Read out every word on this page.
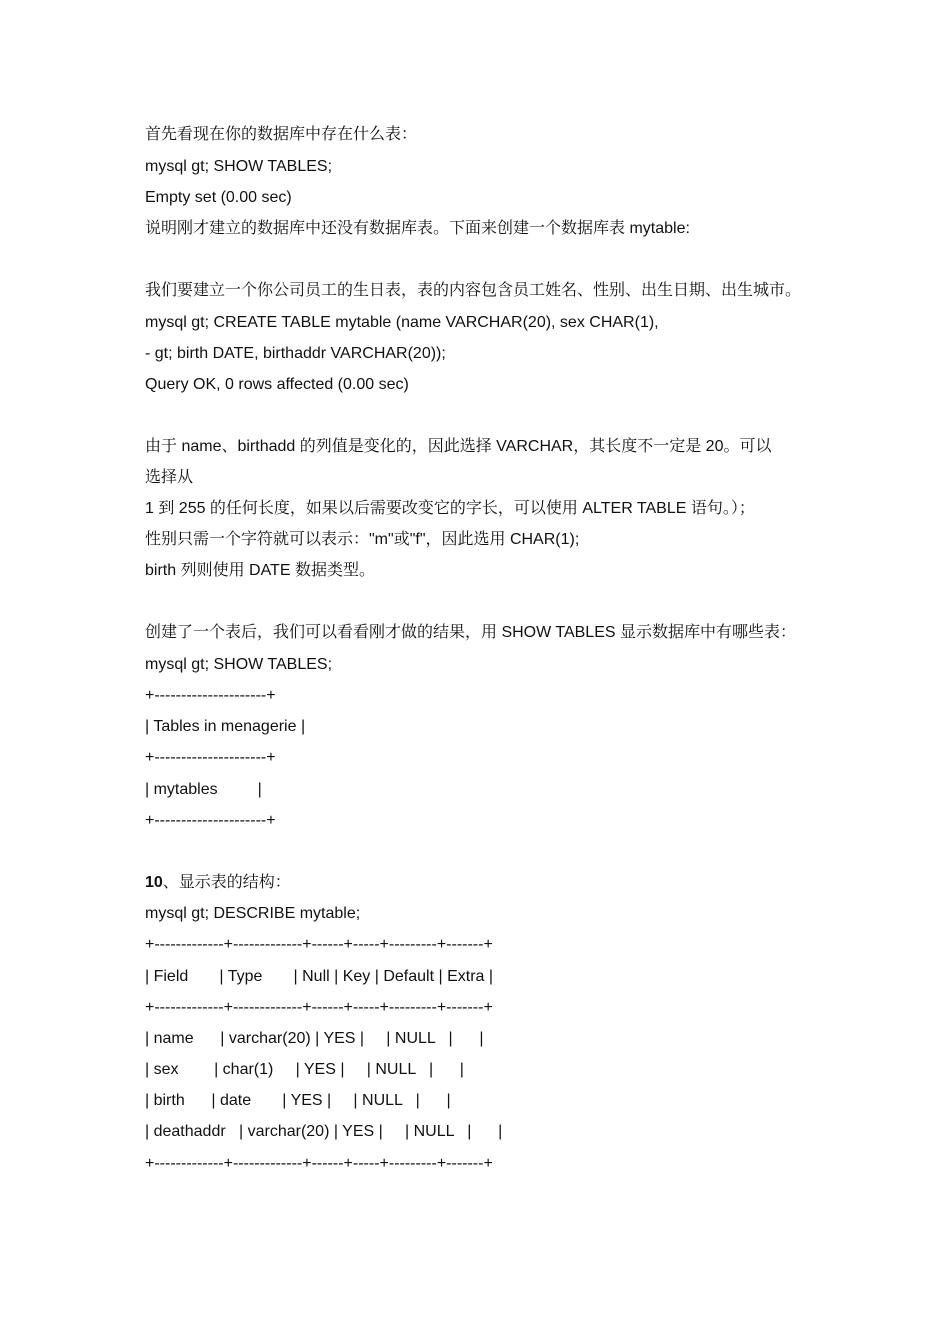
首先看现在你的数据库中存在什么表：
mysql gt; SHOW TABLES;
Empty set (0.00 sec)
说明刚才建立的数据库中还没有数据库表。下面来创建一个数据库表 mytable:
我们要建立一个你公司员工的生日表，表的内容包含员工姓名、性别、出生日期、出生城市。
mysql gt; CREATE TABLE mytable (name VARCHAR(20), sex CHAR(1),
- gt; birth DATE, birthaddr VARCHAR(20));
Query OK, 0 rows affected (0.00 sec)
由于 name、birthadd 的列值是变化的，因此选择 VARCHAR，其长度不一定是 20。可以
选择从
1 到 255 的任何长度，如果以后需要改变它的字长，可以使用 ALTER TABLE 语句。）；
性别只需一个字符就可以表示："m"或"f"，因此选用 CHAR(1);
birth 列则使用 DATE 数据类型。
创建了一个表后，我们可以看看刚才做的结果，用 SHOW TABLES 显示数据库中有哪些表：
mysql gt; SHOW TABLES;
+---------------------+
| Tables in menagerie |
+---------------------+
| mytables         |
+---------------------+
10、显示表的结构：
mysql gt; DESCRIBE mytable;
+-------------+-------------+------+-----+---------+-------+
| Field       | Type       | Null | Key | Default | Extra |
+-------------+-------------+------+-----+---------+-------+
| name      | varchar(20) | YES |     | NULL   |      |
| sex        | char(1)     | YES |     | NULL   |      |
| birth      | date       | YES |     | NULL   |      |
| deathaddr   | varchar(20) | YES |     | NULL   |      |
+-------------+-------------+------+-----+---------+-------+
